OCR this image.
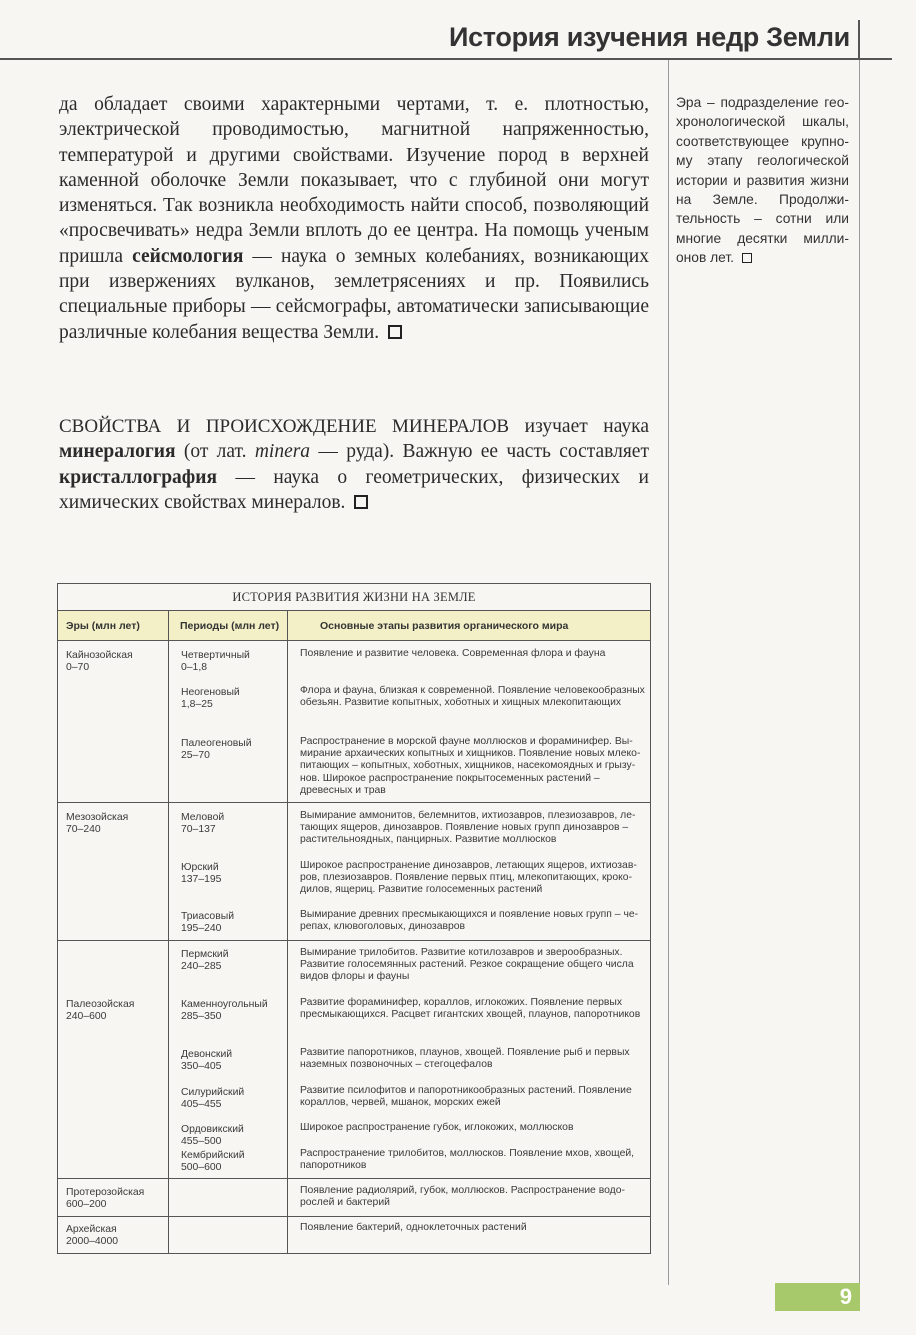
История изучения недр Земли

да обладает своими характерными чертами, т. е. плотностью, электрической проводимостью, магнитной напряженностью, температурой и другими свойствами. Изучение пород в верхней каменной оболочке Земли показывает, что с глубиной они могут изменяться. Так возникла необходимость найти способ, позволяющий «просвечивать» недра Земли вплоть до ее центра. На помощь ученым пришла сейсмология — наука о земных колебаниях, возникающих при извержениях вулканов, землетрясениях и пр. Появились специальные приборы — сейсмографы, автоматически записывающие различные колебания вещества Земли.

СВОЙСТВА И ПРОИСХОЖДЕНИЕ МИНЕРАЛОВ изучает наука минералогия (от лат. minera — руда). Важную ее часть составляет кристаллография — наука о геометрических, физических и химических свойствах минералов.

Эра – подразделение геохронологической шкалы, соответствующее крупному этапу геологической истории и развития жизни на Земле. Продолжительность – сотни или многие десятки миллионов лет.

ИСТОРИЯ РАЗВИТИЯ ЖИЗНИ НА ЗЕМЛЕ
Эры (млн лет)	Периоды (млн лет)	Основные этапы развития органического мира

Кайнозойская
0–70

Мезозойская
70–240

Палеозойская
240–600

Протерозойская
600–200

Архейская
2000–4000

Четвертичный
0–1,8

Неогеновый
1,8–25

Палеогеновый
25–70

Меловой
70–137

Юрский
137–195

Триасовый
195–240

Пермский
240–285

Каменноугольный
285–350

Девонский
350–405

Силурийский
405–455

Ордовикский
455–500

Кембрийский
500–600

Появление и развитие человека. Современная флора и фауна

Флора и фауна, близкая к современной. Появление человекообразных обезьян. Развитие копытных, хоботных и хищных млекопитающих

Распространение в морской фауне моллюсков и фораминифер. Вымирание архаических копытных и хищников. Появление новых млекопитающих – копытных, хоботных, хищников, насекомоядных и грызунов. Широкое распространение покрытосеменных растений – древесных и трав

Вымирание аммонитов, белемнитов, ихтиозавров, плезиозавров, летающих ящеров, динозавров. Появление новых групп динозавров – растительноядных, панцирных. Развитие моллюсков

Широкое распространение динозавров, летающих ящеров, ихтиозавров, плезиозавров. Появление первых птиц, млекопитающих, крокодилов, ящериц. Развитие голосеменных растений

Вымирание древних пресмыкающихся и появление новых групп – черепах, клювоголовых, динозавров

Вымирание трилобитов. Развитие котилозавров и зверообразных. Развитие голосемянных растений. Резкое сокращение общего числа видов флоры и фауны

Развитие фораминифер, кораллов, иглокожих. Появление первых пресмыкающихся. Расцвет гигантских хвощей, плаунов, папоротников

Развитие папоротников, плаунов, хвощей. Появление рыб и первых наземных позвоночных – стегоцефалов

Развитие псилофитов и папоротникообразных растений. Появление кораллов, червей, мшанок, морских ежей

Широкое распространение губок, иглокожих, моллюсков

Распространение трилобитов, моллюсков. Появление мхов, хвощей, папоротников

Появление радиолярий, губок, моллюсков. Распространение водорослей и бактерий

Появление бактерий, одноклеточных растений

9
